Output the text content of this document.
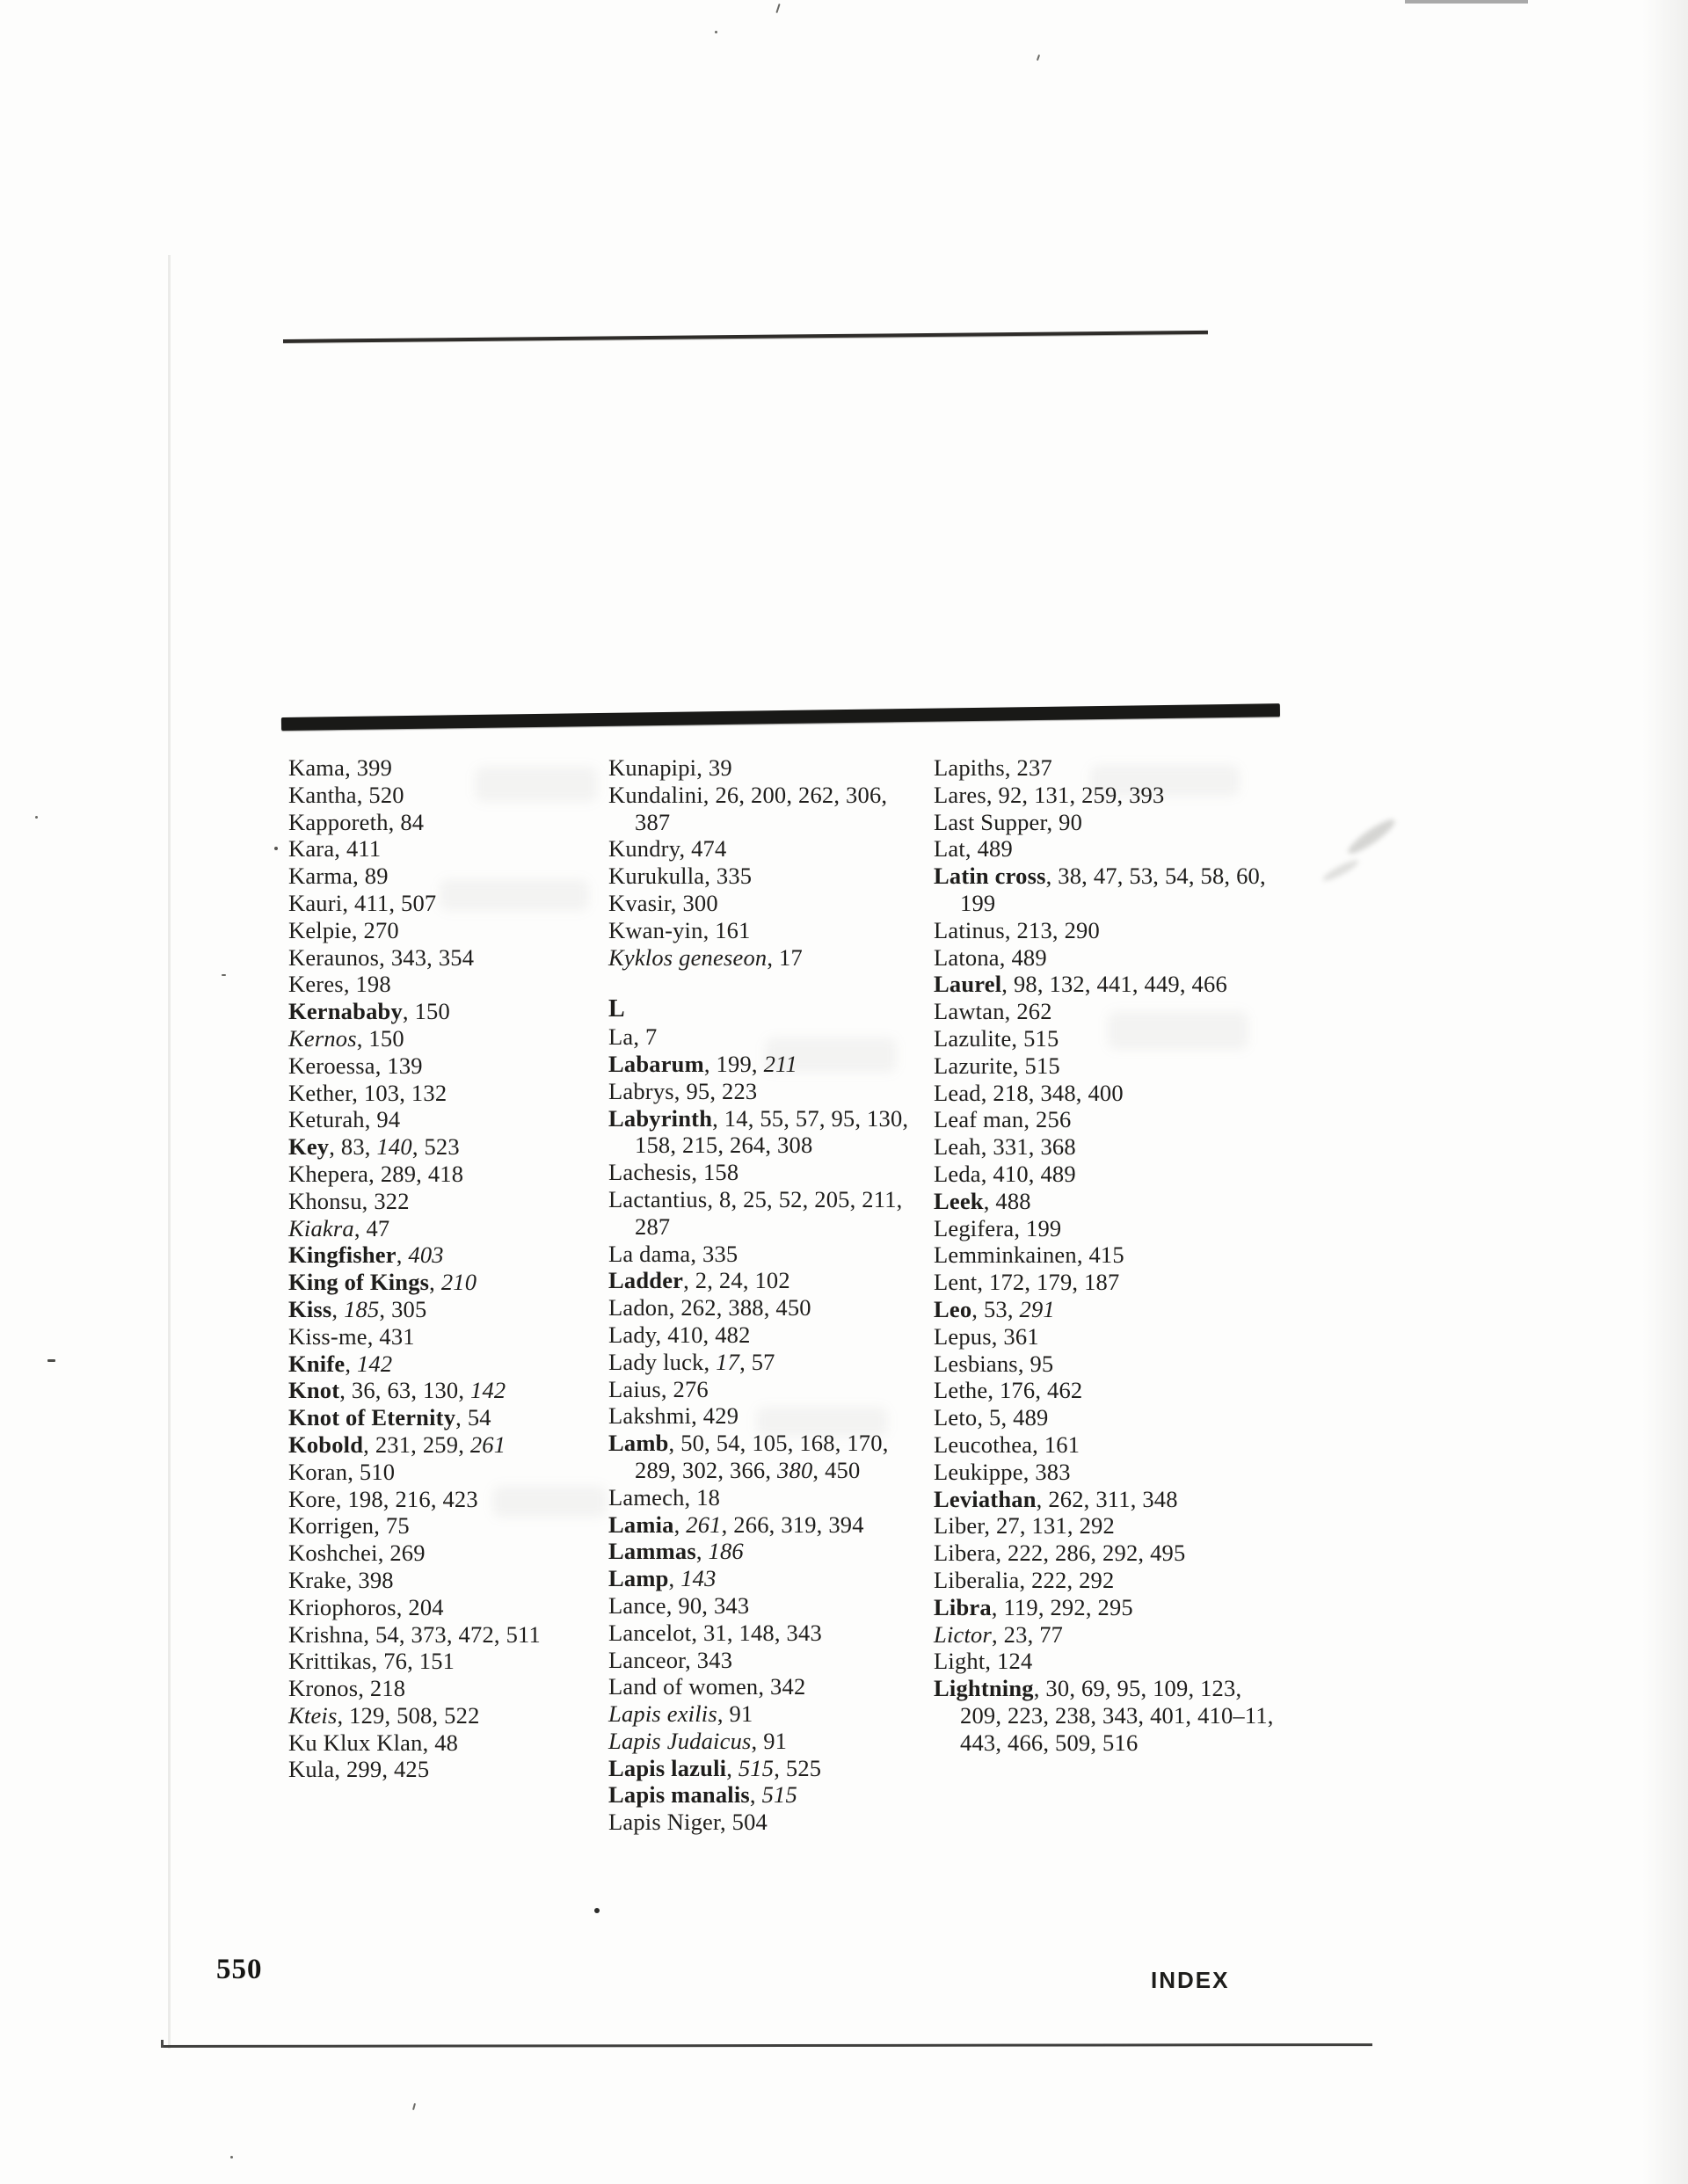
Kama, 399
Kantha, 520
Kapporeth, 84
Kara, 411
Karma, 89
Kauri, 411, 507
Kelpie, 270
Keraunos, 343, 354
Keres, 198
Kernababy, 150
Kernos, 150
Keroessa, 139
Kether, 103, 132
Keturah, 94
Key, 83, 140, 523
Khepera, 289, 418
Khonsu, 322
Kiakra, 47
Kingfisher, 403
King of Kings, 210
Kiss, 185, 305
Kiss-me, 431
Knife, 142
Knot, 36, 63, 130, 142
Knot of Eternity, 54
Kobold, 231, 259, 261
Koran, 510
Kore, 198, 216, 423
Korrigen, 75
Koshchei, 269
Krake, 398
Kriophoros, 204
Krishna, 54, 373, 472, 511
Krittikas, 76, 151
Kronos, 218
Kteis, 129, 508, 522
Ku Klux Klan, 48
Kula, 299, 425
Kunapipi, 39
Kundalini, 26, 200, 262, 306, 387
Kundry, 474
Kurukulla, 335
Kvasir, 300
Kwan-yin, 161
Kyklos geneseon, 17
L
La, 7
Labarum, 199, 211
Labrys, 95, 223
Labyrinth, 14, 55, 57, 95, 130, 158, 215, 264, 308
Lachesis, 158
Lactantius, 8, 25, 52, 205, 211, 287
La dama, 335
Ladder, 2, 24, 102
Ladon, 262, 388, 450
Lady, 410, 482
Lady luck, 17, 57
Laius, 276
Lakshmi, 429
Lamb, 50, 54, 105, 168, 170, 289, 302, 366, 380, 450
Lamech, 18
Lamia, 261, 266, 319, 394
Lammas, 186
Lamp, 143
Lance, 90, 343
Lancelot, 31, 148, 343
Lanceor, 343
Land of women, 342
Lapis exilis, 91
Lapis Judaicus, 91
Lapis lazuli, 515, 525
Lapis manalis, 515
Lapis Niger, 504
Lapiths, 237
Lares, 92, 131, 259, 393
Last Supper, 90
Lat, 489
Latin cross, 38, 47, 53, 54, 58, 60, 199
Latinus, 213, 290
Latona, 489
Laurel, 98, 132, 441, 449, 466
Lawtan, 262
Lazulite, 515
Lazurite, 515
Lead, 218, 348, 400
Leaf man, 256
Leah, 331, 368
Leda, 410, 489
Leek, 488
Legifera, 199
Lemminkainen, 415
Lent, 172, 179, 187
Leo, 53, 291
Lepus, 361
Lesbians, 95
Lethe, 176, 462
Leto, 5, 489
Leucothea, 161
Leukippe, 383
Leviathan, 262, 311, 348
Liber, 27, 131, 292
Libera, 222, 286, 292, 495
Liberalia, 222, 292
Libra, 119, 292, 295
Lictor, 23, 77
Light, 124
Lightning, 30, 69, 95, 109, 123, 209, 223, 238, 343, 401, 410–11, 443, 466, 509, 516
550	INDEX
